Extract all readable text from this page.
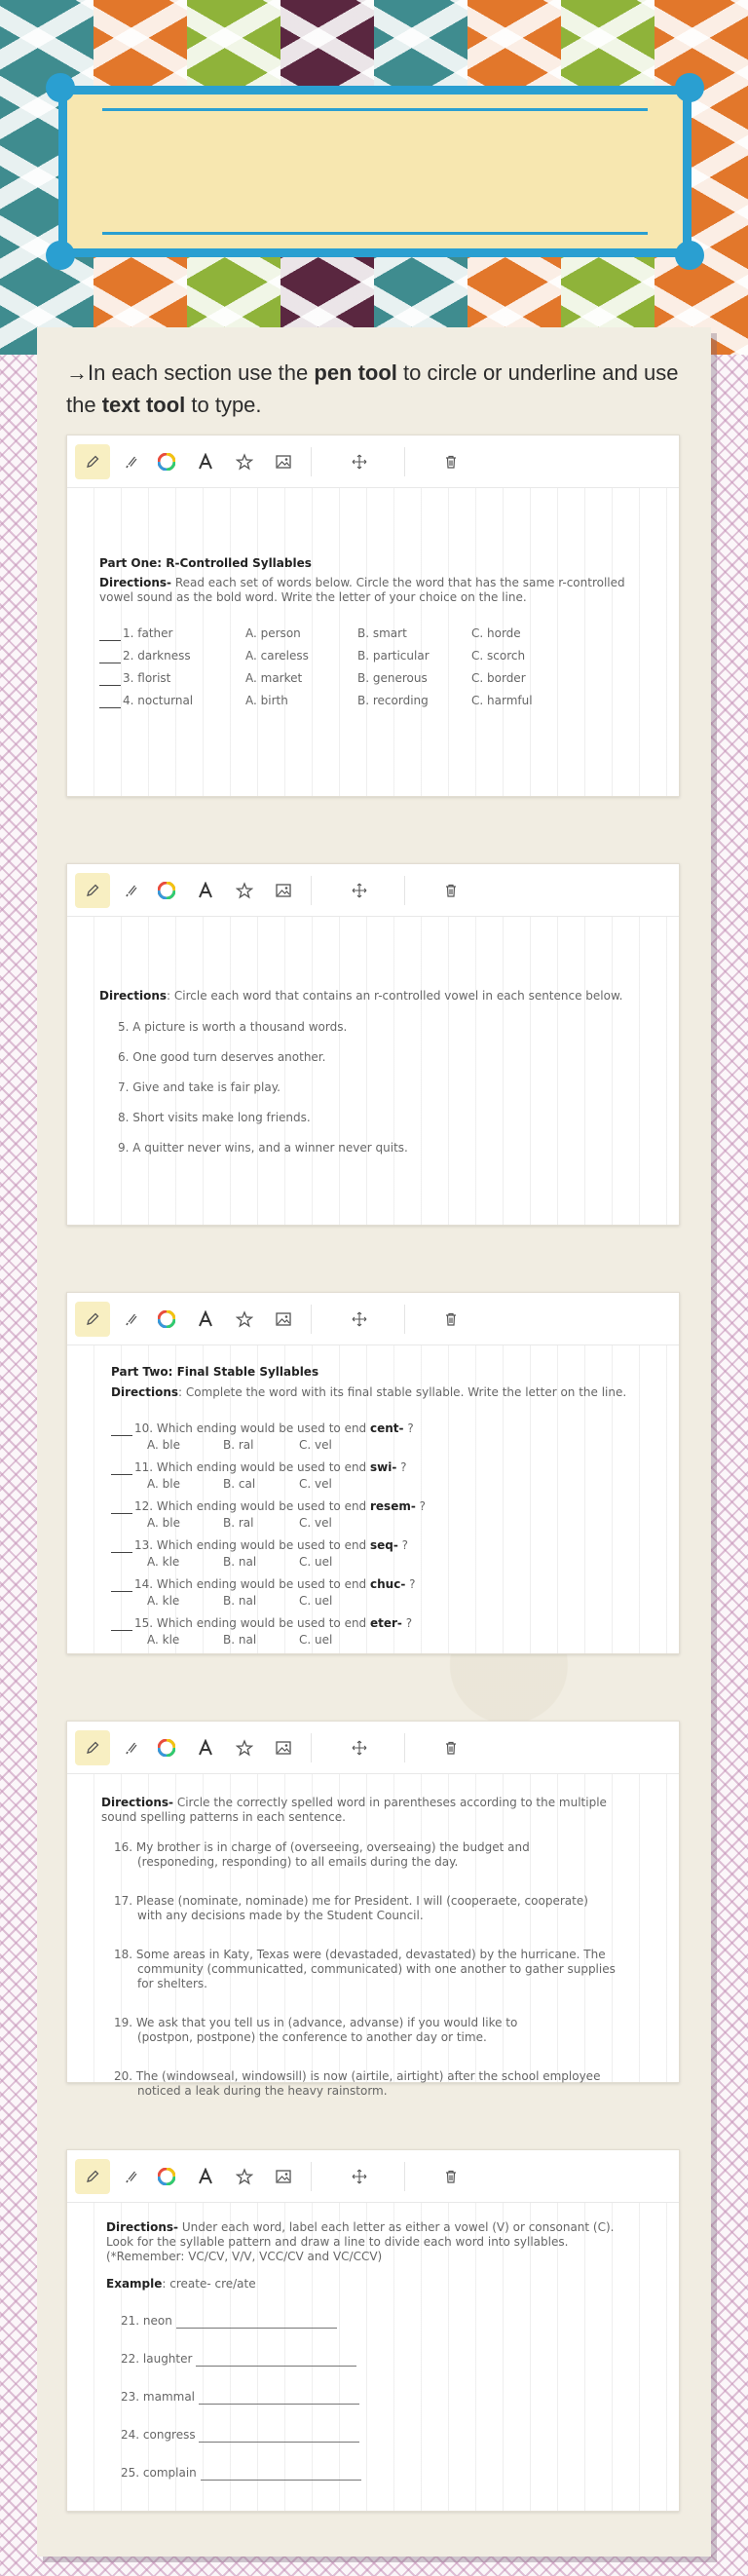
→In each section use the pen tool to circle or underline and use the text tool to type.
Part One: R-Controlled Syllables
Directions- Read each set of words below. Circle the word that has the same r-controlled vowel sound as the bold word. Write the letter of your choice on the line.
1. father	A. person	B. smart	C. horde
2. darkness	A. careless	B. particular	C. scorch
3. florist	A. market	B. generous	C. border
4. nocturnal	A. birth	B. recording	C. harmful
Directions: Circle each word that contains an r-controlled vowel in each sentence below.
5. A picture is worth a thousand words.
6. One good turn deserves another.
7. Give and take is fair play.
8. Short visits make long friends.
9. A quitter never wins, and a winner never quits.
Part Two: Final Stable Syllables
Directions: Complete the word with its final stable syllable. Write the letter on the line.
10. Which ending would be used to end cent- ?
A. ble	B. ral	C. vel
11. Which ending would be used to end swi- ?
A. ble	B. cal	C. vel
12. Which ending would be used to end resem- ?
A. ble	B. ral	C. vel
13. Which ending would be used to end seq- ?
A. kle	B. nal	C. uel
14. Which ending would be used to end chuc- ?
A. kle	B. nal	C. uel
15. Which ending would be used to end eter- ?
A. kle	B. nal	C. uel
Directions- Circle the correctly spelled word in parentheses according to the multiple sound spelling patterns in each sentence.
16. My brother is in charge of (overseeing, overseaing) the budget and
(responeding, responding) to all emails during the day.
17. Please (nominate, nominade) me for President. I will (cooperaete, cooperate)
with any decisions made by the Student Council.
18. Some areas in Katy, Texas were (devastaded, devastated) by the hurricane. The
community (communicatted, communicated) with one another to gather supplies
for shelters.
19. We ask that you tell us in (advance, advanse) if you would like to
(postpon, postpone) the conference to another day or time.
20. The (windowseal, windowsill) is now (airtile, airtight) after the school employee
noticed a leak during the heavy rainstorm.
Directions- Under each word, label each letter as either a vowel (V) or consonant (C).
Look for the syllable pattern and draw a line to divide each word into syllables.
(*Remember: VC/CV, V/V, VCC/CV and VC/CCV)
Example: create- cre/ate
21. neon
22. laughter
23. mammal
24. congress
25. complain
